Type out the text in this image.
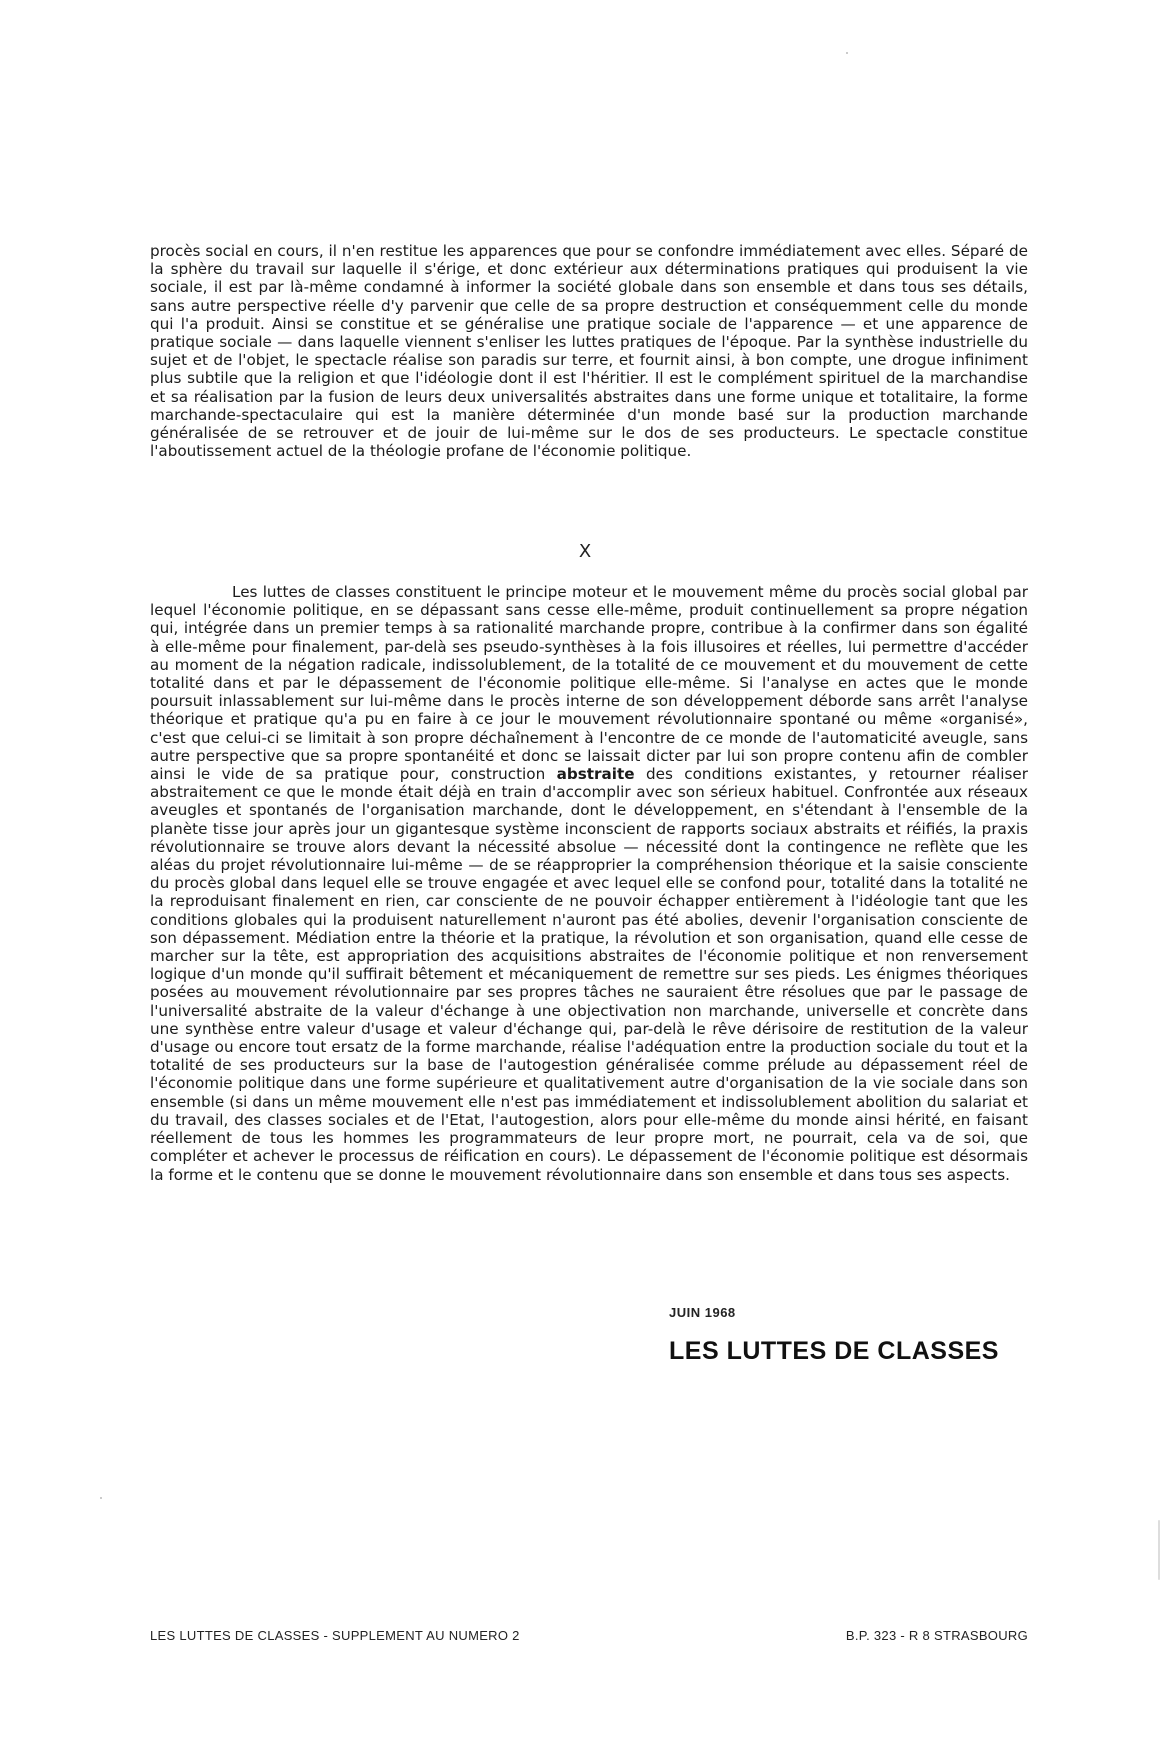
procès social en cours, il n'en restitue les apparences que pour se confondre immédiatement avec elles. Séparé de la sphère du travail sur laquelle il s'érige, et donc extérieur aux déterminations pratiques qui produisent la vie sociale, il est par là-même condamné à informer la société globale dans son ensemble et dans tous ses détails, sans autre perspective réelle d'y parvenir que celle de sa propre destruction et conséquemment celle du monde qui l'a produit. Ainsi se constitue et se généralise une pratique sociale de l'apparence — et une apparence de pratique sociale — dans laquelle viennent s'enliser les luttes pratiques de l'époque. Par la synthèse industrielle du sujet et de l'objet, le spectacle réalise son paradis sur terre, et fournit ainsi, à bon compte, une drogue infiniment plus subtile que la religion et que l'idéologie dont il est l'héritier. Il est le complément spirituel de la marchandise et sa réalisation par la fusion de leurs deux universalités abstraites dans une forme unique et totalitaire, la forme marchande-spectaculaire qui est la manière déterminée d'un monde basé sur la production marchande généralisée de se retrouver et de jouir de lui-même sur le dos de ses producteurs. Le spectacle constitue l'aboutissement actuel de la théologie profane de l'économie politique.

X

Les luttes de classes constituent le principe moteur et le mouvement même du procès social global par lequel l'économie politique, en se dépassant sans cesse elle-même, produit continuellement sa propre négation qui, intégrée dans un premier temps à sa rationalité marchande propre, contribue à la confirmer dans son égalité à elle-même pour finalement, par-delà ses pseudo-synthèses à la fois illusoires et réelles, lui permettre d'accéder au moment de la négation radicale, indissolublement, de la totalité de ce mouvement et du mouvement de cette totalité dans et par le dépassement de l'économie politique elle-même. Si l'analyse en actes que le monde poursuit inlassablement sur lui-même dans le procès interne de son développement déborde sans arrêt l'analyse théorique et pratique qu'a pu en faire à ce jour le mouvement révolutionnaire spontané ou même «organisé», c'est que celui-ci se limitait à son propre déchaînement à l'encontre de ce monde de l'automaticité aveugle, sans autre perspective que sa propre spontanéité et donc se laissait dicter par lui son propre contenu afin de combler ainsi le vide de sa pratique pour, construction abstraite des conditions existantes, y retourner réaliser abstraitement ce que le monde était déjà en train d'accomplir avec son sérieux habituel. Confrontée aux réseaux aveugles et spontanés de l'organisation marchande, dont le développement, en s'étendant à l'ensemble de la planète tisse jour après jour un gigantesque système inconscient de rapports sociaux abstraits et réifiés, la praxis révolutionnaire se trouve alors devant la nécessité absolue — nécessité dont la contingence ne reflète que les aléas du projet révolutionnaire lui-même — de se réapproprier la compréhension théorique et la saisie consciente du procès global dans lequel elle se trouve engagée et avec lequel elle se confond pour, totalité dans la totalité ne la reproduisant finalement en rien, car consciente de ne pouvoir échapper entièrement à l'idéologie tant que les conditions globales qui la produisent naturellement n'auront pas été abolies, devenir l'organisation consciente de son dépassement. Médiation entre la théorie et la pratique, la révolution et son organisation, quand elle cesse de marcher sur la tête, est appropriation des acquisitions abstraites de l'économie politique et non renversement logique d'un monde qu'il suffirait bêtement et mécaniquement de remettre sur ses pieds. Les énigmes théoriques posées au mouvement révolutionnaire par ses propres tâches ne sauraient être résolues que par le passage de l'universalité abstraite de la valeur d'échange à une objectivation non marchande, universelle et concrète dans une synthèse entre valeur d'usage et valeur d'échange qui, par-delà le rêve dérisoire de restitution de la valeur d'usage ou encore tout ersatz de la forme marchande, réalise l'adéquation entre la production sociale du tout et la totalité de ses producteurs sur la base de l'autogestion généralisée comme prélude au dépassement réel de l'économie politique dans une forme supérieure et qualitativement autre d'organisation de la vie sociale dans son ensemble (si dans un même mouvement elle n'est pas immédiatement et indissolublement abolition du salariat et du travail, des classes sociales et de l'Etat, l'autogestion, alors pour elle-même du monde ainsi hérité, en faisant réellement de tous les hommes les programmateurs de leur propre mort, ne pourrait, cela va de soi, que compléter et achever le processus de réification en cours). Le dépassement de l'économie politique est désormais la forme et le contenu que se donne le mouvement révolutionnaire dans son ensemble et dans tous ses aspects.

JUIN 1968
LES LUTTES DE CLASSES
LES LUTTES DE CLASSES - SUPPLEMENT AU NUMERO 2	B.P. 323 - R 8 STRASBOURG
